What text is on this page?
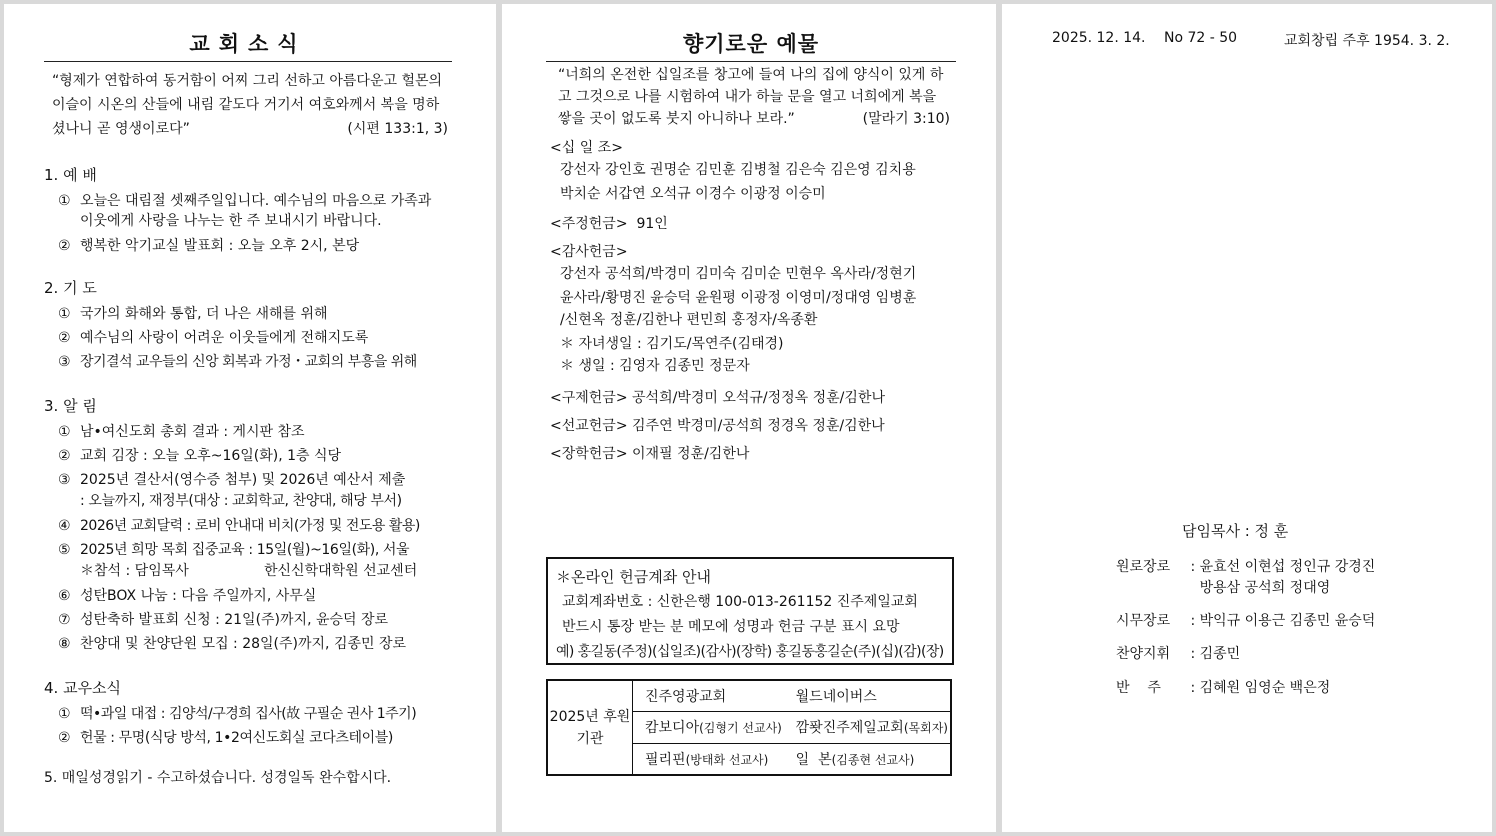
교회소식
“형제가 연합하여 동거함이 어찌 그리 선하고 아름다운고 헐몬의 이슬이 시온의 산들에 내림 같도다 거기서 여호와께서 복을 명하셨나니 곧 영생이로다”	(시편 133:1, 3)
1. 예 배
① 오늘은 대림절 셋째주일입니다. 예수님의 마음으로 가족과
이웃에게 사랑을 나누는 한 주 보내시기 바랍니다.
② 행복한 악기교실 발표회 : 오늘 오후 2시, 본당
2. 기 도
① 국가의 화해와 통합, 더 나은 새해를 위해
② 예수님의 사랑이 어려운 이웃들에게 전해지도록
③ 장기결석 교우들의 신앙 회복과 가정・교회의 부흥을 위해
3. 알 림
① 남•여신도회 총회 결과 : 게시판 참조
② 교회 김장 : 오늘 오후~16일(화), 1층 식당
③ 2025년 결산서(영수증 첨부) 및 2026년 예산서 제출
: 오늘까지, 재정부(대상 : 교회학교, 찬양대, 해당 부서)
④ 2026년 교회달력 : 로비 안내대 비치(가정 및 전도용 활용)
⑤ 2025년 희망 목회 집중교육 : 15일(월)~16일(화), 서울
＊참석 : 담임목사	한신신학대학원 선교센터
⑥ 성탄BOX 나눔 : 다음 주일까지, 사무실
⑦ 성탄축하 발표회 신청 : 21일(주)까지, 윤승덕 장로
⑧ 찬양대 및 찬양단원 모집 : 28일(주)까지, 김종민 장로
4. 교우소식
① 떡•과일 대접 : 김양석/구경희 집사(故 구필순 권사 1주기)
② 헌물 : 무명(식당 방석, 1•2여신도회실 코다츠테이블)
5. 매일성경읽기 - 수고하셨습니다. 성경일독 완수합시다.
향기로운 예물
“너희의 온전한 십일조를 창고에 들여 나의 집에 양식이 있게 하고 그것으로 나를 시험하여 내가 하늘 문을 열고 너희에게 복을 쌓을 곳이 없도록 붓지 아니하나 보라.”	(말라기 3:10)
<십 일 조>
강선자 강인호 권명순 김민훈 김병철 김은숙 김은영 김치용
박치순 서갑연 오석규 이경수 이광정 이승미
<주정헌금> 91인
<감사헌금>
강선자 공석희/박경미 김미숙 김미순 민현우 옥사라/정현기
윤사라/황명진 윤승덕 윤원평 이광정 이영미/정대영 임병훈
/신현옥 정훈/김한나 편민희 홍정자/옥종환
＊ 자녀생일 : 김기도/목연주(김태경)
＊ 생일 : 김영자 김종민 정문자
<구제헌금> 공석희/박경미 오석규/정정옥 정훈/김한나
<선교헌금> 김주연 박경미/공석희 정경옥 정훈/김한나
<장학헌금> 이재필 정훈/김한나
＊온라인 헌금계좌 안내
교회계좌번호 : 신한은행 100-013-261152 진주제일교회
반드시 통장 받는 분 메모에 성명과 헌금 구분 표시 요망
예) 홍길동(주정)(십일조)(감사)(장학) 홍길동홍길순(주)(십)(감)(장)
2025년 후원기관
진주영광교회	월드네이버스
캄보디아(김형기 선교사)	깜퐛진주제일교회(목회자)
필리핀(방태화 선교사)	일  본(김종현 선교사)
2025. 12. 14. No 72 - 50	교회창립 주후 1954. 3. 2.
담임목사 : 정 훈
원로장로 : 윤효선 이현섭 정인규 강경진
방용삼 공석희 정대영
시무장로 : 박익규 이용근 김종민 윤승덕
찬양지휘 : 김종민
반    주 : 김혜원 임영순 백은정
